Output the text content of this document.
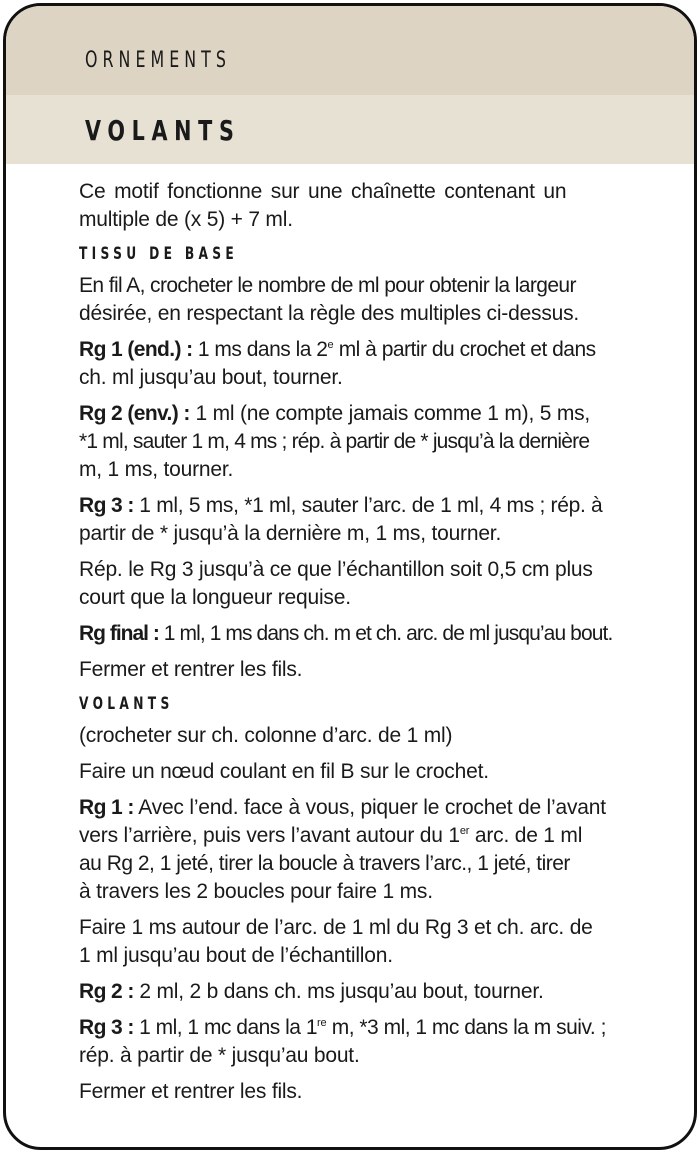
ORNEMENTS
VOLANTS

Ce motif fonctionne sur une chaînette contenant un
multiple de (x 5) + 7 ml.

TISSU DE BASE

En fil A, crocheter le nombre de ml pour obtenir la largeur
désirée, en respectant la règle des multiples ci-dessus.

Rg 1 (end.) : 1 ms dans la 2e ml à partir du crochet et dans
ch. ml jusqu’au bout, tourner.

Rg 2 (env.) : 1 ml (ne compte jamais comme 1 m), 5 ms,
*1 ml, sauter 1 m, 4 ms ; rép. à partir de * jusqu’à la dernière
m, 1 ms, tourner.

Rg 3 : 1 ml, 5 ms, *1 ml, sauter l’arc. de 1 ml, 4 ms ; rép. à
partir de * jusqu’à la dernière m, 1 ms, tourner.

Rép. le Rg 3 jusqu’à ce que l’échantillon soit 0,5 cm plus
court que la longueur requise.

Rg final : 1 ml, 1 ms dans ch. m et ch. arc. de ml jusqu’au bout.

Fermer et rentrer les fils.

VOLANTS

(crocheter sur ch. colonne d’arc. de 1 ml)

Faire un nœud coulant en fil B sur le crochet.

Rg 1 : Avec l’end. face à vous, piquer le crochet de l’avant
vers l’arrière, puis vers l’avant autour du 1er arc. de 1 ml
au Rg 2, 1 jeté, tirer la boucle à travers l’arc., 1 jeté, tirer
à travers les 2 boucles pour faire 1 ms.

Faire 1 ms autour de l’arc. de 1 ml du Rg 3 et ch. arc. de
1 ml jusqu’au bout de l’échantillon.

Rg 2 : 2 ml, 2 b dans ch. ms jusqu’au bout, tourner.

Rg 3 : 1 ml, 1 mc dans la 1re m, *3 ml, 1 mc dans la m suiv. ;
rép. à partir de * jusqu’au bout.

Fermer et rentrer les fils.
